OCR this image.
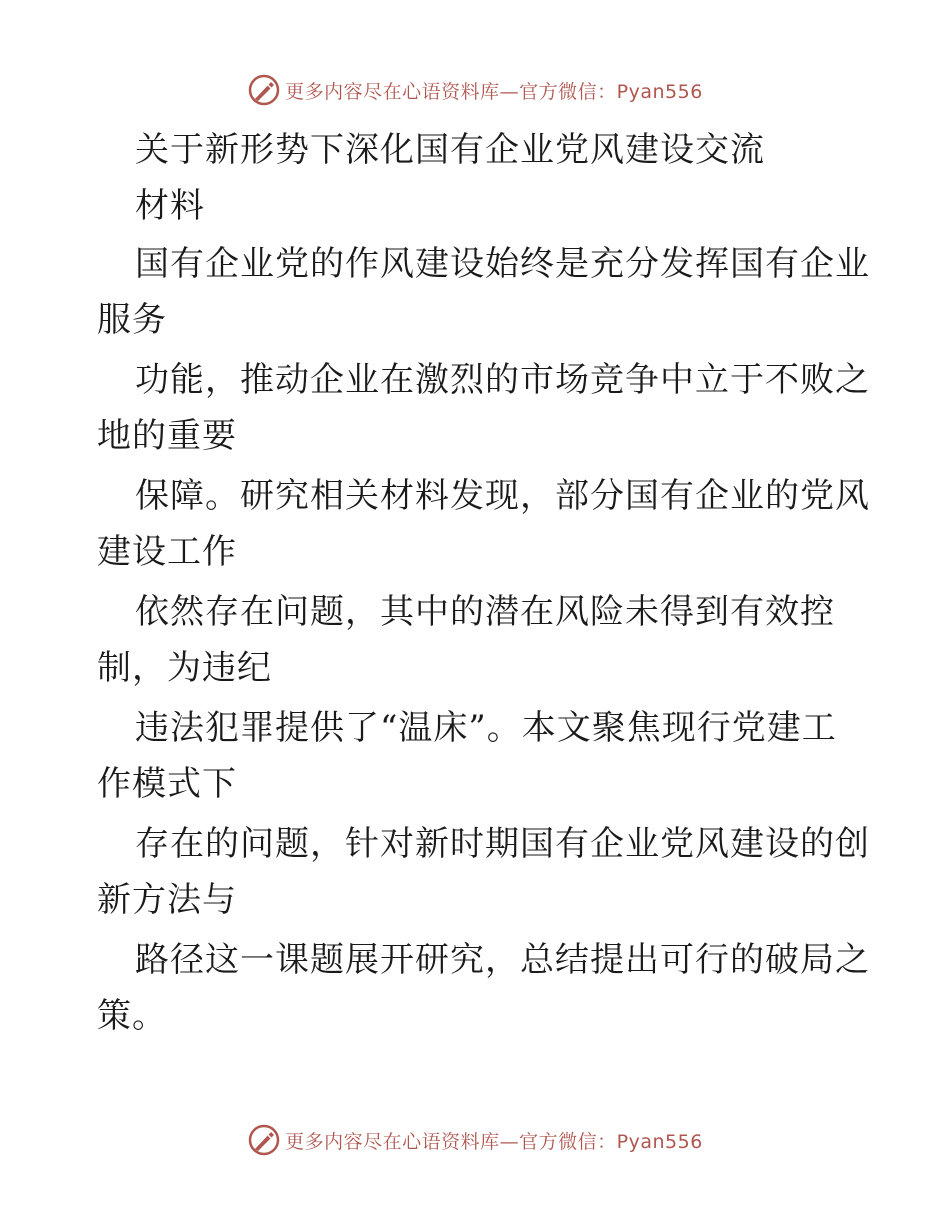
更多内容尽在心语资料库—官方微信：Pyan556
关于新形势下深化国有企业党风建设交流
材料
国有企业党的作风建设始终是充分发挥国有企业
服务
功能，推动企业在激烈的市场竞争中立于不败之
地的重要
保障。研究相关材料发现，部分国有企业的党风
建设工作
依然存在问题，其中的潜在风险未得到有效控
制，为违纪
违法犯罪提供了“温床”。本文聚焦现行党建工
作模式下
存在的问题，针对新时期国有企业党风建设的创
新方法与
路径这一课题展开研究，总结提出可行的破局之
策。
更多内容尽在心语资料库—官方微信：Pyan556
